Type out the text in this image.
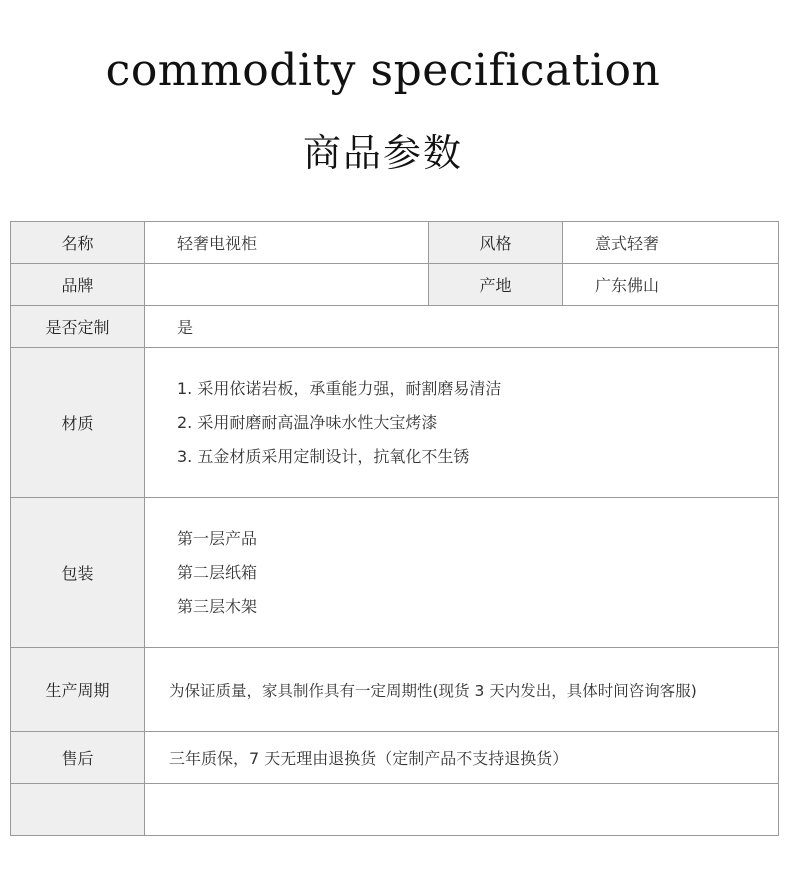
commodity specification
商品参数
名称	轻奢电视柜	风格	意式轻奢
品牌		产地	广东佛山
是否定制	是		
材质	1. 采用依诺岩板，承重能力强，耐割磨易清洁
2. 采用耐磨耐高温净味水性大宝烤漆
3. 五金材质采用定制设计，抗氧化不生锈		

包装	第一层产品
第二层纸箱
第三层木架		

生产周期	为保证质量，家具制作具有一定周期性(现货 3 天内发出，具体时间咨询客服)		
售后	三年质保，7 天无理由退换货（定制产品不支持退换货）		
